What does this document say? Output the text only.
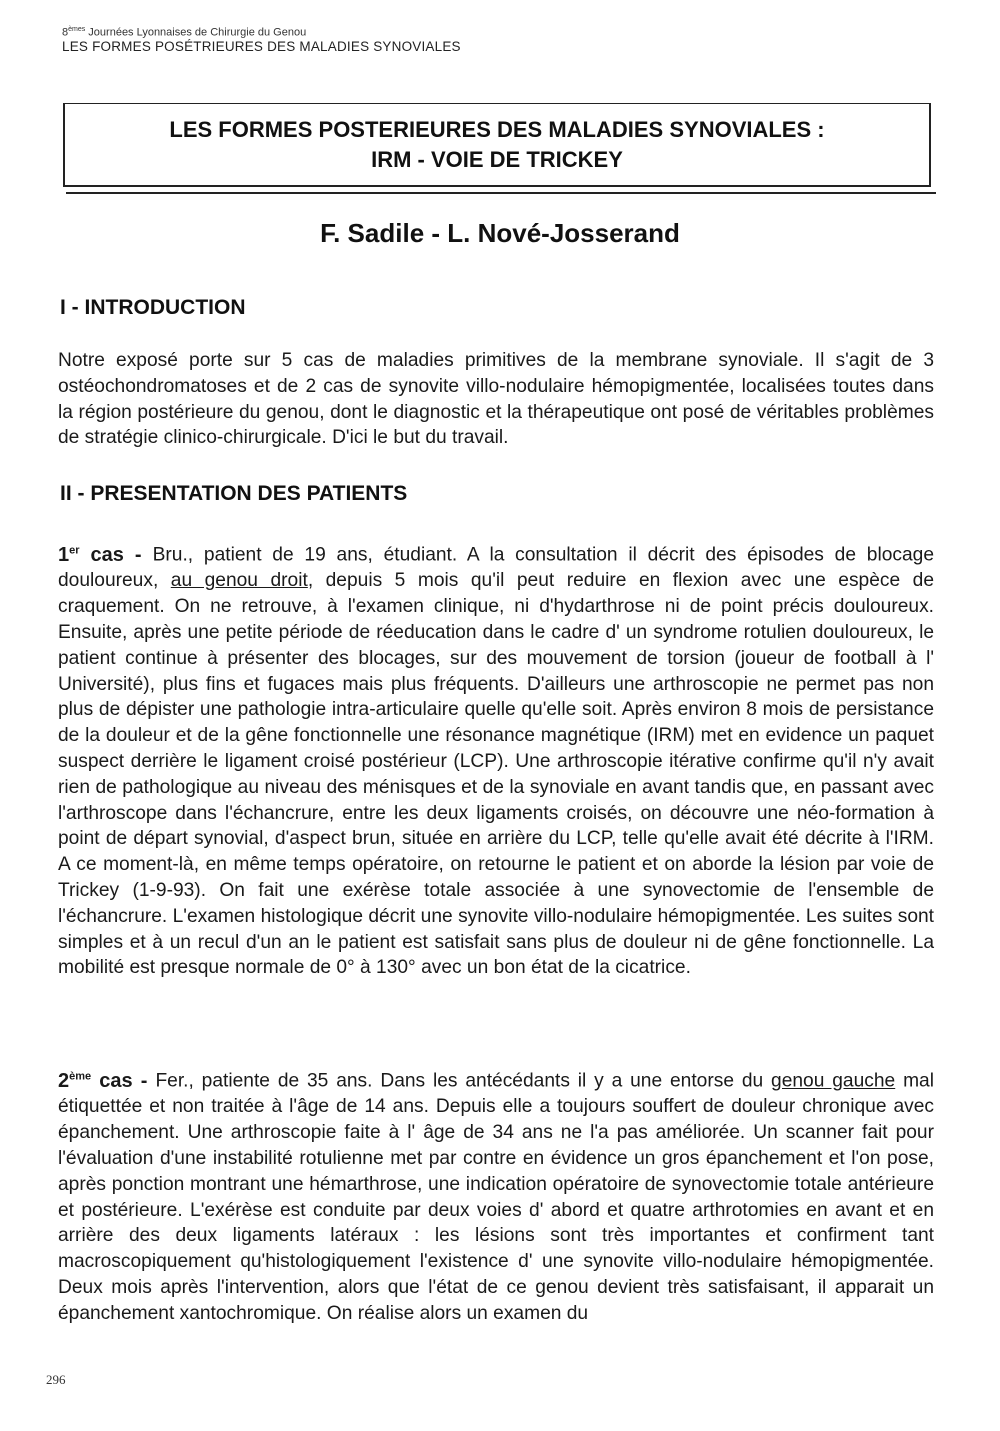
8èmes Journées Lyonnaises de Chirurgie du Genou
LES FORMES POSÉTRIEURES DES MALADIES SYNOVIALES
LES FORMES POSTERIEURES DES MALADIES SYNOVIALES :
IRM - VOIE DE TRICKEY
F. Sadile - L. Nové-Josserand
I - INTRODUCTION

Notre exposé porte sur 5 cas de maladies primitives de la membrane synoviale. Il s'agit de 3 ostéochondromatoses et de 2 cas de synovite villo-nodulaire hémopigmentée, localisées toutes dans la région postérieure du genou, dont le diagnostic et la thérapeutique ont posé de véritables problèmes de stratégie clinico-chirurgicale. D'ici le but du travail.

II - PRESENTATION DES PATIENTS

1er cas - Bru., patient de 19 ans, étudiant. A la consultation il décrit des épisodes de blocage douloureux, au genou droit, depuis 5 mois qu'il peut reduire en flexion avec une espèce de craquement. On ne retrouve, à l'examen clinique, ni d'hydarthrose ni de point précis douloureux. Ensuite, après une petite période de réeducation dans le cadre d' un syndrome rotulien douloureux, le patient continue à présenter des blocages, sur des mouvement de torsion (joueur de football à l' Université), plus fins et fugaces mais plus fréquents. D'ailleurs une arthroscopie ne permet pas non plus de dépister une pathologie intra-articulaire quelle qu'elle soit. Après environ 8 mois de persistance de la douleur et de la gêne fonctionnelle une résonance magnétique (IRM) met en evidence un paquet suspect derrière le ligament croisé postérieur (LCP). Une arthroscopie itérative confirme qu'il n'y avait rien de pathologique au niveau des ménisques et de la synoviale en avant tandis que, en passant avec l'arthroscope dans l'échancrure, entre les deux ligaments croisés, on découvre une néo-formation à point de départ synovial, d'aspect brun, située en arrière du LCP, telle qu'elle avait été décrite à l'IRM. A ce moment-là, en même temps opératoire, on retourne le patient et on aborde la lésion par voie de Trickey (1-9-93). On fait une exérèse totale associée à une synovectomie de l'ensemble de l'échancrure. L'examen histologique décrit une synovite villo-nodulaire hémopigmentée. Les suites sont simples et à un recul d'un an le patient est satisfait sans plus de douleur ni de gêne fonctionnelle. La mobilité est presque normale de 0° à 130° avec un bon état de la cicatrice.

2ème cas - Fer., patiente de 35 ans. Dans les antécédants il y a une entorse du genou gauche mal étiquettée et non traitée à l'âge de 14 ans. Depuis elle a toujours souffert de douleur chronique avec épanchement. Une arthroscopie faite à l' âge de 34 ans ne l'a pas améliorée. Un scanner fait pour l'évaluation d'une instabilité rotulienne met par contre en évidence un gros épanchement et l'on pose, après ponction montrant une hémarthrose, une indication opératoire de synovectomie totale antérieure et postérieure. L'exérèse est conduite par deux voies d' abord et quatre arthrotomies en avant et en arrière des deux ligaments latéraux : les lésions sont très importantes et confirment tant macroscopiquement qu'histologiquement l'existence d' une synovite villo-nodulaire hémopigmentée. Deux mois après l'intervention, alors que l'état de ce genou devient très satisfaisant, il apparait un épanchement xantochromique. On réalise alors un examen du

296
